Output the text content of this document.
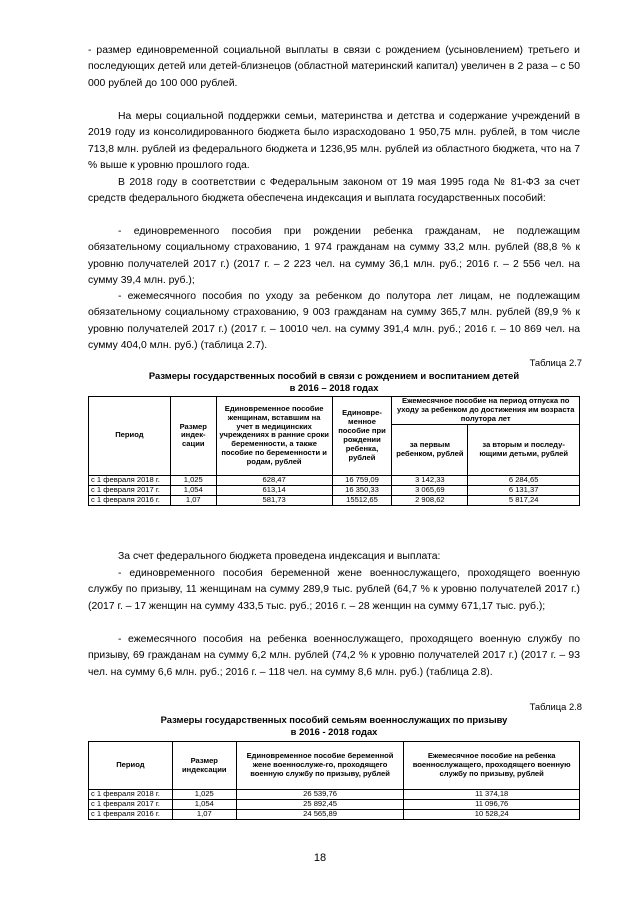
- размер единовременной социальной выплаты в связи с рождением (усыновлением) третьего и последующих детей или детей-близнецов (областной материнский капитал) увеличен в 2 раза – с 50 000 рублей до 100 000 рублей.

На меры социальной поддержки семьи, материнства и детства и содержание учреждений в 2019 году из консолидированного бюджета было израсходовано 1 950,75 млн. рублей, в том числе 713,8 млн. рублей из федерального бюджета и 1236,95 млн. рублей из областного бюджета, что на 7 % выше к уровню прошлого года.

В 2018 году в соответствии с Федеральным законом от 19 мая 1995 года № 81-ФЗ за счет средств федерального бюджета обеспечена индексация и выплата государственных пособий:

- единовременного пособия при рождении ребенка гражданам, не подлежащим обязательному социальному страхованию, 1 974 гражданам на сумму 33,2 млн. рублей (88,8 % к уровню получателей 2017 г.) (2017 г. – 2 223 чел. на сумму 36,1 млн. руб.; 2016 г. – 2 556 чел. на сумму 39,4 млн. руб.);

- ежемесячного пособия по уходу за ребенком до полутора лет лицам, не подлежащим обязательному социальному страхованию, 9 003 гражданам на сумму 365,7 млн. рублей (89,9 % к уровню получателей 2017 г.) (2017 г. – 10010 чел. на сумму 391,4 млн. руб.; 2016 г. – 10 869 чел. на сумму 404,0 млн. руб.) (таблица 2.7).

Таблица 2.7

Размеры государственных пособий в связи с рождением и воспитанием детей
в 2016 – 2018 годах

Период	Размер индек-сации	Единовременное пособие женщинам, вставшим на учет в медицинских учреждениях в ранние сроки беременности, а также пособие по беременности и родам, рублей	Единовре-менное пособие при рождении ребенка, рублей	Ежемесячное пособие на период отпуска по уходу за ребенком до достижения им возраста полутора лет	
				за первым ребенком, рублей	за вторым и последу-ющими детьми, рублей
с 1 февраля 2018 г.	1,025	628,47	16 759,09	3 142,33	6 284,65
с 1 февраля 2017 г.	1,054	613,14	16 350,33	3 065,69	6 131,37
с 1 февраля 2016 г.	1,07	581,73	15512,65	2 908,62	5 817,24

За счет федерального бюджета проведена индексация и выплата:

- единовременного пособия беременной жене военнослужащего, проходящего военную службу по призыву, 11 женщинам на сумму 289,9 тыс. рублей (64,7 % к уровню получателей 2017 г.) (2017 г. – 17 женщин на сумму 433,5 тыс. руб.; 2016 г. – 28 женщин на сумму 671,17 тыс. руб.);

- ежемесячного пособия на ребенка военнослужащего, проходящего военную службу по призыву, 69 гражданам на сумму 6,2 млн. рублей (74,2 % к уровню получателей 2017 г.) (2017 г. – 93 чел. на сумму 6,6 млн. руб.; 2016 г. – 118 чел. на сумму 8,6 млн. руб.) (таблица 2.8).

Таблица 2.8

Размеры государственных пособий семьям военнослужащих по призыву
в 2016 - 2018 годах

Период	Размер индексации	Единовременное пособие беременной жене военнослуже-го, проходящего военную службу по призыву, рублей	Ежемесячное пособие на ребенка военнослужащего, проходящего военную службу по призыву, рублей
с 1 февраля 2018 г.	1,025	26 539,76	11 374,18
с 1 февраля 2017 г.	1,054	25 892,45	11 096,76
с 1 февраля 2016 г.	1,07	24 565,89	10 528,24

18
